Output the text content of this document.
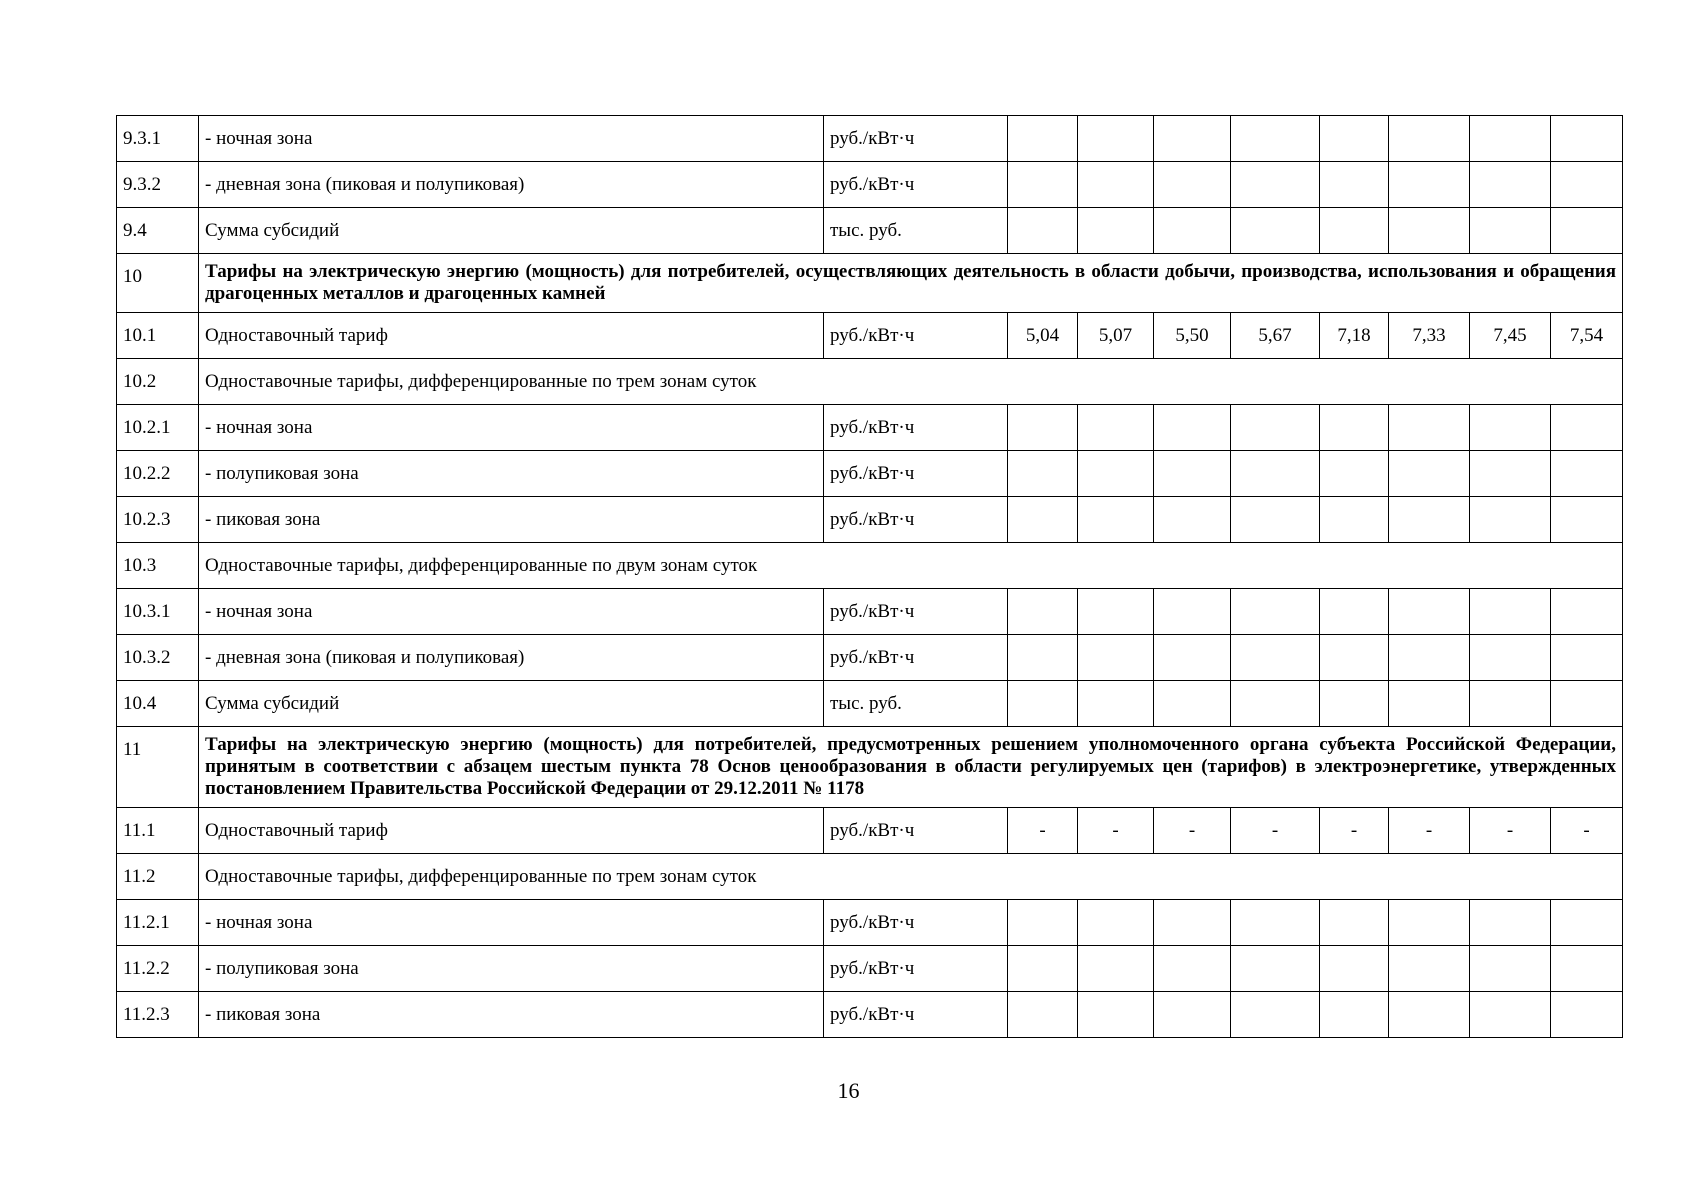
9.3.1	- ночная зона	руб./кВт·ч								
9.3.2	- дневная зона (пиковая и полупиковая)	руб./кВт·ч								
9.4	Сумма субсидий	тыс. руб.								
10	Тарифы на электрическую энергию (мощность) для потребителей, осуществляющих деятельность в области добычи, производства, использования и обращения драгоценных металлов и драгоценных камней									
10.1	Одноставочный тариф	руб./кВт·ч	5,04	5,07	5,50	5,67	7,18	7,33	7,45	7,54
10.2	Одноставочные тарифы, дифференцированные по трем зонам суток									
10.2.1	- ночная зона	руб./кВт·ч								
10.2.2	- полупиковая зона	руб./кВт·ч								
10.2.3	- пиковая зона	руб./кВт·ч								
10.3	Одноставочные тарифы, дифференцированные по двум зонам суток									
10.3.1	- ночная зона	руб./кВт·ч								
10.3.2	- дневная зона (пиковая и полупиковая)	руб./кВт·ч								
10.4	Сумма субсидий	тыс. руб.								
11	Тарифы на электрическую энергию (мощность) для потребителей, предусмотренных решением уполномоченного органа субъекта Российской Федерации, принятым в соответствии с абзацем шестым пункта 78 Основ ценообразования в области регулируемых цен (тарифов) в электроэнергетике, утвержденных постановлением Правительства Российской Федерации от 29.12.2011 № 1178									
11.1	Одноставочный тариф	руб./кВт·ч	-	-	-	-	-	-	-	-
11.2	Одноставочные тарифы, дифференцированные по трем зонам суток									
11.2.1	- ночная зона	руб./кВт·ч								
11.2.2	- полупиковая зона	руб./кВт·ч								
11.2.3	- пиковая зона	руб./кВт·ч								
16
